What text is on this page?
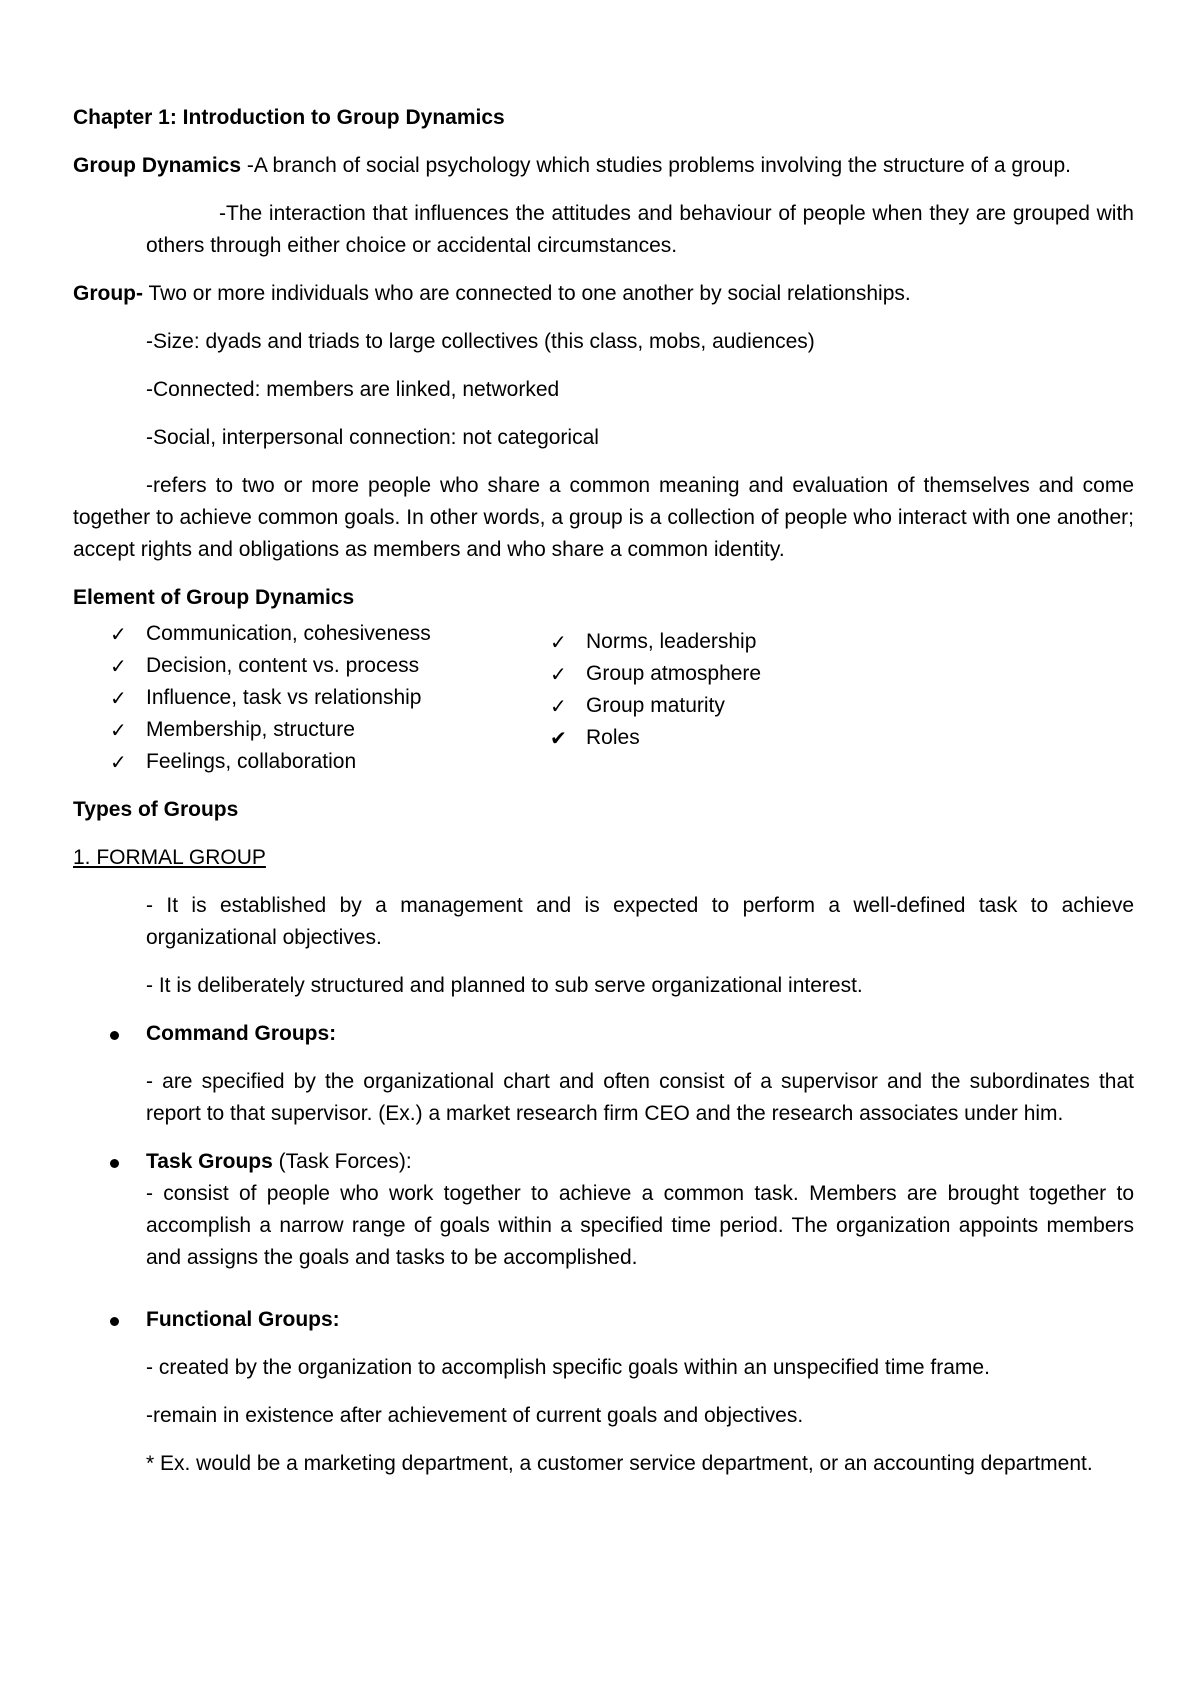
Chapter 1: Introduction to Group Dynamics

Group Dynamics -A branch of social psychology which studies problems involving the structure of a group.

-The interaction that influences the attitudes and behaviour of people when they are grouped with others through either choice or accidental circumstances.

Group- Two or more individuals who are connected to one another by social relationships.

-Size: dyads and triads to large collectives (this class, mobs, audiences)

-Connected: members are linked, networked

-Social, interpersonal connection: not categorical

-refers to two or more people who share a common meaning and evaluation of themselves and come together to achieve common goals. In other words, a group is a collection of people who interact with one another; accept rights and obligations as members and who share a common identity.

Element of Group Dynamics

✓ Communication, cohesiveness
✓ Decision, content vs. process
✓ Influence, task vs relationship
✓ Membership, structure
✓ Feelings, collaboration
✓ Norms, leadership
✓ Group atmosphere
✓ Group maturity
✔ Roles

Types of Groups

1. FORMAL GROUP

- It is established by a management and is expected to perform a well-defined task to achieve organizational objectives.

- It is deliberately structured and planned to sub serve organizational interest.

Command Groups:

- are specified by the organizational chart and often consist of a supervisor and the subordinates that report to that supervisor. (Ex.) a market research firm CEO and the research associates under him.

Task Groups (Task Forces):

- consist of people who work together to achieve a common task. Members are brought together to accomplish a narrow range of goals within a specified time period. The organization appoints members and assigns the goals and tasks to be accomplished.

Functional Groups:

- created by the organization to accomplish specific goals within an unspecified time frame.

-remain in existence after achievement of current goals and objectives.

* Ex. would be a marketing department, a customer service department, or an accounting department.
